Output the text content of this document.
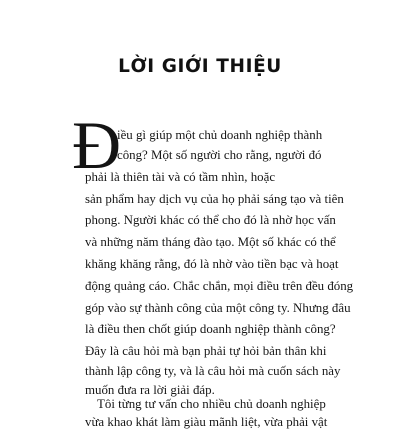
LỜI GIỚI THIỆU
Đ
iều gì giúp một chủ doanh nghiệp thành
công? Một số người cho rằng, người đó
phải là thiên tài và có tầm nhìn, hoặc
sản phẩm hay dịch vụ của họ phải sáng tạo và tiên
phong. Người khác có thể cho đó là nhờ học vấn
và những năm tháng đào tạo. Một số khác có thể
khăng khăng rằng, đó là nhờ vào tiền bạc và hoạt
động quảng cáo. Chắc chắn, mọi điều trên đều đóng
góp vào sự thành công của một công ty. Nhưng đâu
là điều then chốt giúp doanh nghiệp thành công?
Đây là câu hỏi mà bạn phải tự hỏi bản thân khi
thành lập công ty, và là câu hỏi mà cuốn sách này
muốn đưa ra lời giải đáp.
Tôi từng tư vấn cho nhiều chủ doanh nghiệp
vừa khao khát làm giàu mãnh liệt, vừa phải vật
